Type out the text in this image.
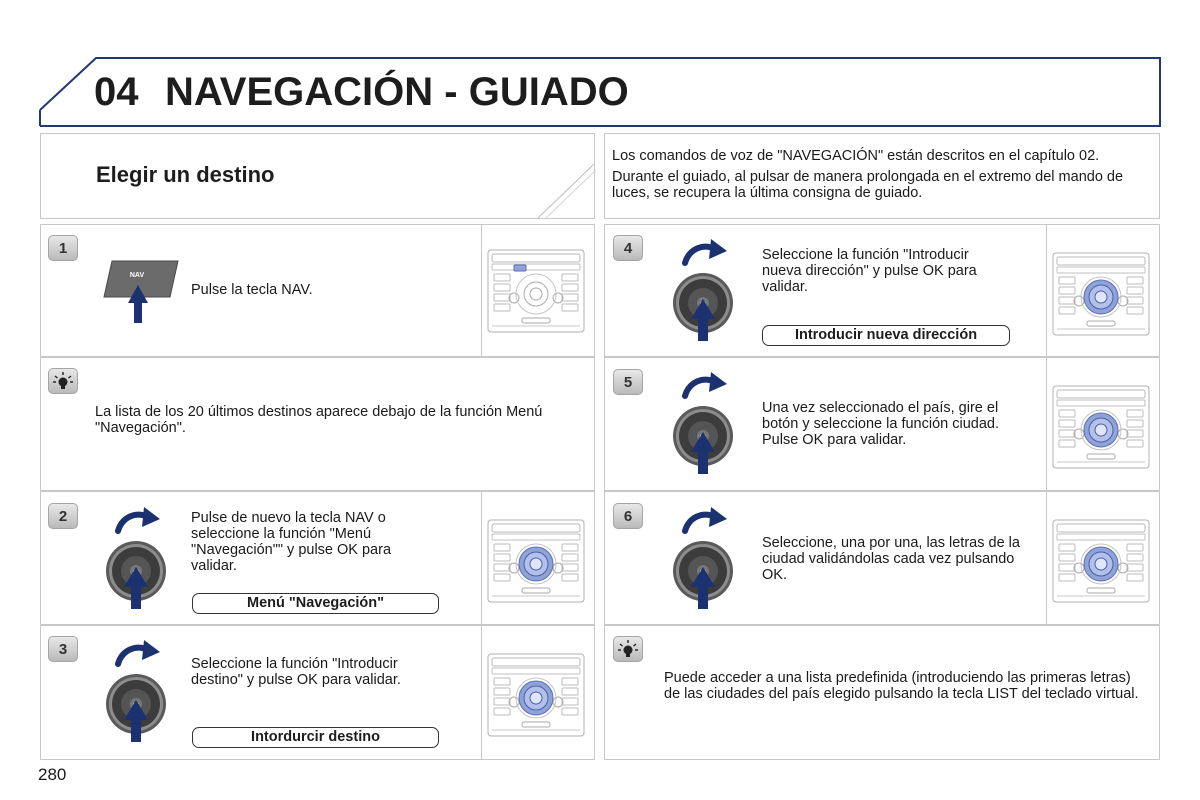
04 NAVEGACIÓN - GUIADO
Elegir un destino

Los comandos de voz de "NAVEGACIÓN" están descritos en el capítulo 02.

Durante el guiado, al pulsar de manera prolongada en el extremo del mando de luces, se recupera la última consigna de guiado.

1
NAV
Pulse la tecla NAV.
La lista de los 20 últimos destinos aparece debajo de la función Menú "Navegación".
2	Pulse de nuevo la tecla NAV o seleccione la función "Menú "Navegación"" y pulse OK para validar.
Menú "Navegación"
3
Seleccione la función "Introducir destino" y pulse OK para validar.
Intordurcir destino
4	Seleccione la función "Introducir nueva dirección" y pulse OK para validar.
Introducir nueva dirección
5
Una vez seleccionado el país, gire el botón y seleccione la función ciudad. Pulse OK para validar.
6
Seleccione, una por una, las letras de la ciudad validándolas cada vez pulsando OK.
Puede acceder a una lista predefinida (introduciendo las primeras letras) de las ciudades del país elegido pulsando la tecla LIST del teclado virtual.
280
